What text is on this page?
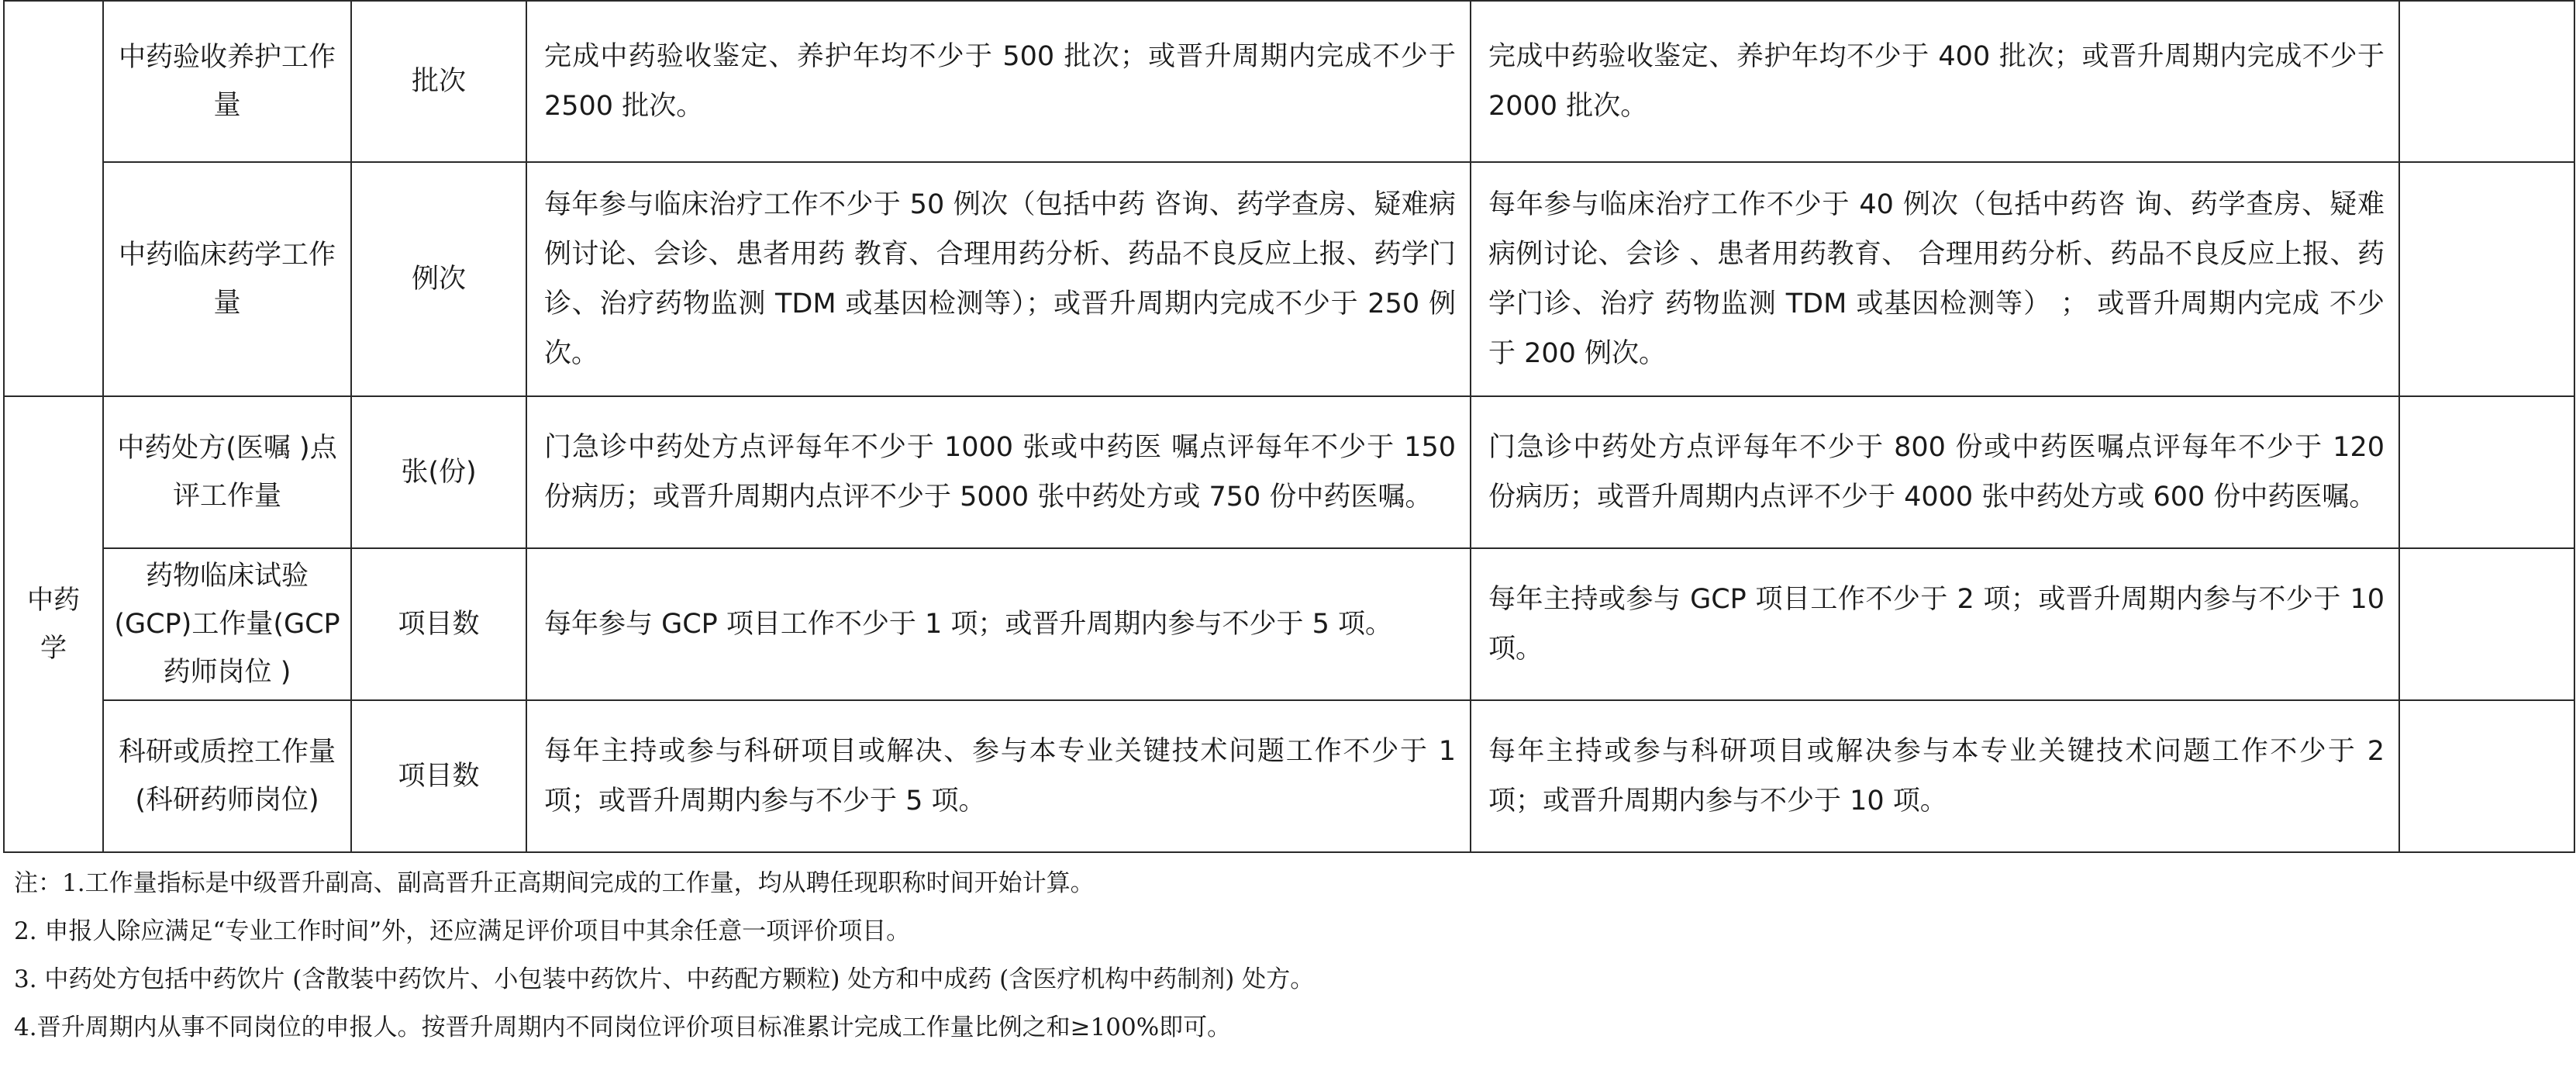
	中药验收养护工作量	批次	完成中药验收鉴定、养护年均不少于 500 批次；或晋升周期内完成不少于 2500 批次。	完成中药验收鉴定、养护年均不少于 400 批次；或晋升周期内完成不少于 2000 批次。	
	中药临床药学工作量	例次	每年参与临床治疗工作不少于 50 例次（包括中药 咨询、药学查房、疑难病例讨论、会诊、患者用药 教育、合理用药分析、药品不良反应上报、药学门诊、治疗药物监测 TDM 或基因检测等）；或晋升周期内完成不少于 250 例次。	每年参与临床治疗工作不少于 40 例次（包括中药咨 询、药学查房、疑难病例讨论、会诊 、患者用药教育、 合理用药分析、药品不良反应上报、药学门诊、治疗 药物监测 TDM 或基因检测等） ； 或晋升周期内完成 不少于 200 例次。	
中药学	中药处方(医嘱 )点评工作量	张(份)	门急诊中药处方点评每年不少于 1000 张或中药医 嘱点评每年不少于 150 份病历；或晋升周期内点评不少于 5000 张中药处方或 750 份中药医嘱。	门急诊中药处方点评每年不少于 800 份或中药医嘱点评每年不少于 120 份病历；或晋升周期内点评不少于 4000 张中药处方或 600 份中药医嘱。	
	药物临床试验(GCP)工作量(GCP 药师岗位 )	项目数	每年参与 GCP 项目工作不少于 1 项；或晋升周期内参与不少于 5 项。	每年主持或参与 GCP 项目工作不少于 2 项；或晋升周期内参与不少于 10 项。	
	科研或质控工作量(科研药师岗位)	项目数	每年主持或参与科研项目或解决、参与本专业关键技术问题工作不少于 1 项；或晋升周期内参与不少于 5 项。	每年主持或参与科研项目或解决参与本专业关键技术问题工作不少于 2 项；或晋升周期内参与不少于 10 项。	
注：1.工作量指标是中级晋升副高、副高晋升正高期间完成的工作量，均从聘任现职称时间开始计算。
2. 申报人除应满足“专业工作时间”外，还应满足评价项目中其余任意一项评价项目。
3. 中药处方包括中药饮片 (含散装中药饮片、小包装中药饮片、中药配方颗粒) 处方和中成药 (含医疗机构中药制剂) 处方。
4.晋升周期内从事不同岗位的申报人。按晋升周期内不同岗位评价项目标准累计完成工作量比例之和≥100%即可。
